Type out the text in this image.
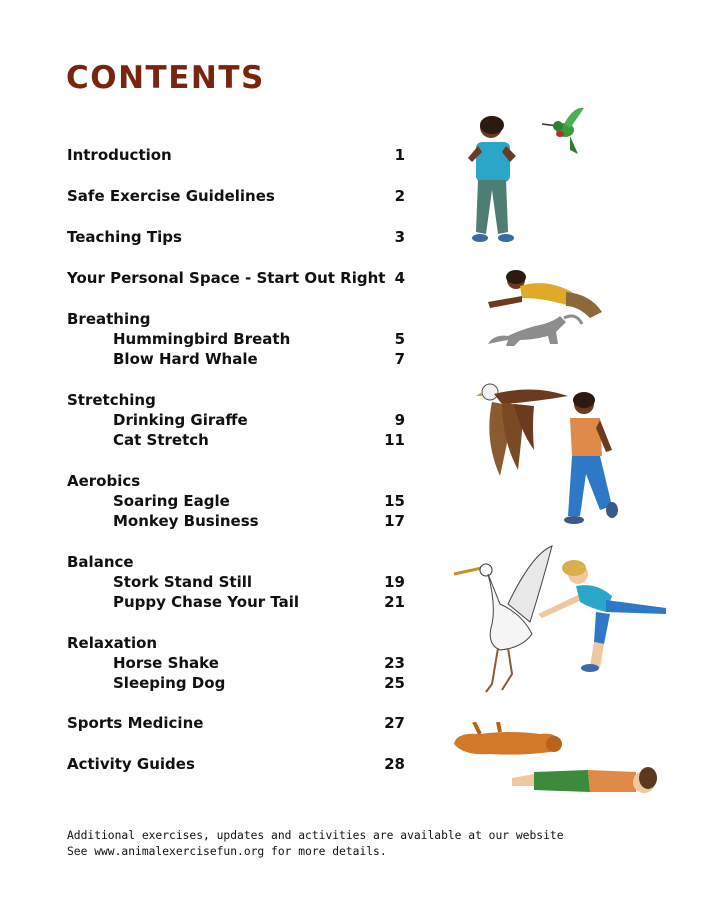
CONTENTS
Introduction	1
Safe Exercise Guidelines	2
Teaching Tips	3
Your Personal Space - Start Out Right 4
Breathing
Hummingbird Breath	5
Blow Hard Whale	7
Stretching
Drinking Giraffe	9
Cat Stretch	11
Aerobics
Soaring Eagle	15
Monkey Business	17
Balance
Stork Stand Still	19
Puppy Chase Your Tail	21
Relaxation
Horse Shake	23
Sleeping Dog	25
Sports Medicine	27
Activity Guides	28
Additional exercises, updates and activities are available at our website
See www.animalexercisefun.org for more details.
